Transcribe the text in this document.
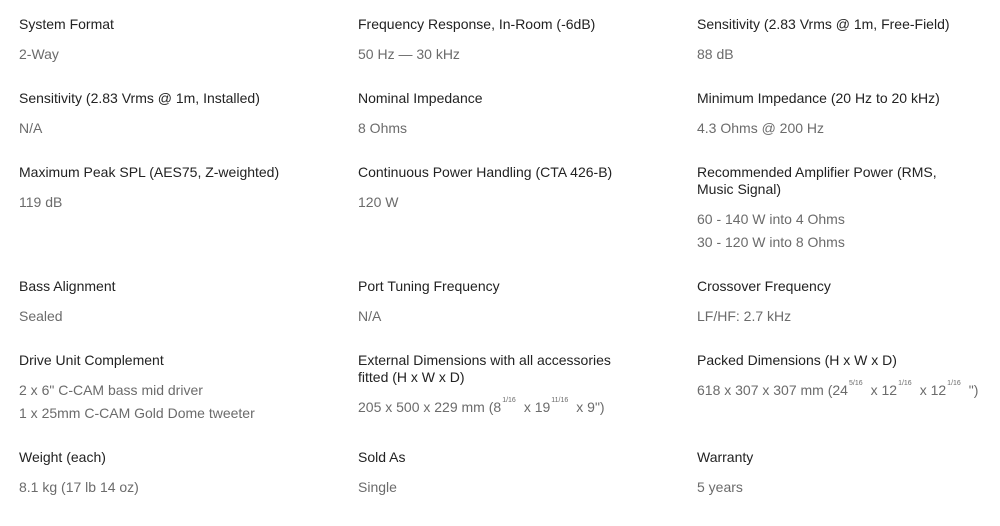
System Format

2-Way

Frequency Response, In-Room (-6dB)

50 Hz — 30 kHz

Sensitivity (2.83 Vrms @ 1m, Free-Field)

88 dB

Sensitivity (2.83 Vrms @ 1m, Installed)

N/A

Nominal Impedance

8 Ohms

Minimum Impedance (20 Hz to 20 kHz)

4.3 Ohms @ 200 Hz

Maximum Peak SPL (AES75, Z-weighted)

119 dB

Continuous Power Handling (CTA 426-B)

120 W

Recommended Amplifier Power (RMS,
Music Signal)

60 - 140 W into 4 Ohms

30 - 120 W into 8 Ohms

Bass Alignment

Sealed

Port Tuning Frequency

N/A

Crossover Frequency

LF/HF: 2.7 kHz

Drive Unit Complement

2 x 6" C-CAM bass mid driver

1 x 25mm C-CAM Gold Dome tweeter

External Dimensions with all accessories
fitted (H x W x D)

205 x 500 x 229 mm ($8^{1/16}$ x $19^{11/16}$ x 9")

Packed Dimensions (H x W x D)

618 x 307 x 307 mm ($24^{5/16}$ x $12^{1/16}$ x $12^{1/16}$ ")

Weight (each)

8.1 kg (17 lb 14 oz)

Sold As

Single

Warranty

5 years
